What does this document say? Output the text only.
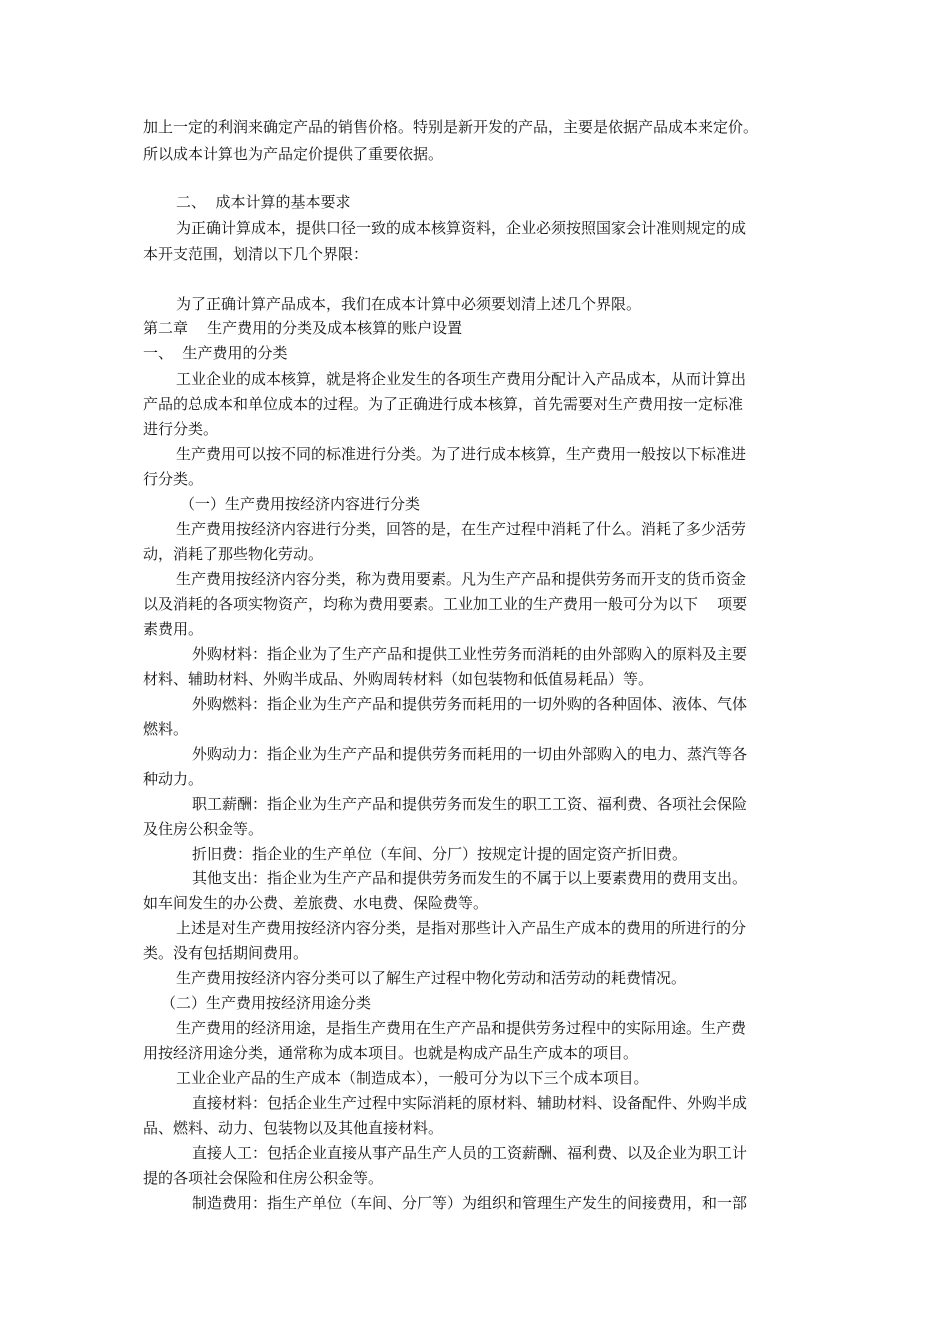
加上一定的利润来确定产品的销售价格。特别是新开发的产品，主要是依据产品成本来定价。
所以成本计算也为产品定价提供了重要依据。
二、  成本计算的基本要求
为正确计算成本，提供口径一致的成本核算资料，企业必须按照国家会计准则规定的成
本开支范围，划清以下几个界限：
为了正确计算产品成本，我们在成本计算中必须要划清上述几个界限。
第二章    生产费用的分类及成本核算的账户设置
一、  生产费用的分类
工业企业的成本核算，就是将企业发生的各项生产费用分配计入产品成本，从而计算出
产品的总成本和单位成本的过程。为了正确进行成本核算，首先需要对生产费用按一定标准
进行分类。
生产费用可以按不同的标准进行分类。为了进行成本核算，生产费用一般按以下标准进
行分类。
（一）生产费用按经济内容进行分类
生产费用按经济内容进行分类，回答的是，在生产过程中消耗了什么。消耗了多少活劳
动，消耗了那些物化劳动。
生产费用按经济内容分类，称为费用要素。凡为生产产品和提供劳务而开支的货币资金
以及消耗的各项实物资产，均称为费用要素。工业加工业的生产费用一般可分为以下    项要
素费用。
外购材料：指企业为了生产产品和提供工业性劳务而消耗的由外部购入的原料及主要
材料、辅助材料、外购半成品、外购周转材料（如包装物和低值易耗品）等。
外购燃料：指企业为生产产品和提供劳务而耗用的一切外购的各种固体、液体、气体
燃料。
外购动力：指企业为生产产品和提供劳务而耗用的一切由外部购入的电力、蒸汽等各
种动力。
职工薪酬：指企业为生产产品和提供劳务而发生的职工工资、福利费、各项社会保险
及住房公积金等。
折旧费：指企业的生产单位（车间、分厂）按规定计提的固定资产折旧费。
其他支出：指企业为生产产品和提供劳务而发生的不属于以上要素费用的费用支出。
如车间发生的办公费、差旅费、水电费、保险费等。
上述是对生产费用按经济内容分类，是指对那些计入产品生产成本的费用的所进行的分
类。没有包括期间费用。
生产费用按经济内容分类可以了解生产过程中物化劳动和活劳动的耗费情况。
（二）生产费用按经济用途分类
生产费用的经济用途，是指生产费用在生产产品和提供劳务过程中的实际用途。生产费
用按经济用途分类，通常称为成本项目。也就是构成产品生产成本的项目。
工业企业产品的生产成本（制造成本），一般可分为以下三个成本项目。
直接材料：包括企业生产过程中实际消耗的原材料、辅助材料、设备配件、外购半成
品、燃料、动力、包装物以及其他直接材料。
直接人工：包括企业直接从事产品生产人员的工资薪酬、福利费、以及企业为职工计
提的各项社会保险和住房公积金等。
制造费用：指生产单位（车间、分厂等）为组织和管理生产发生的间接费用，和一部
